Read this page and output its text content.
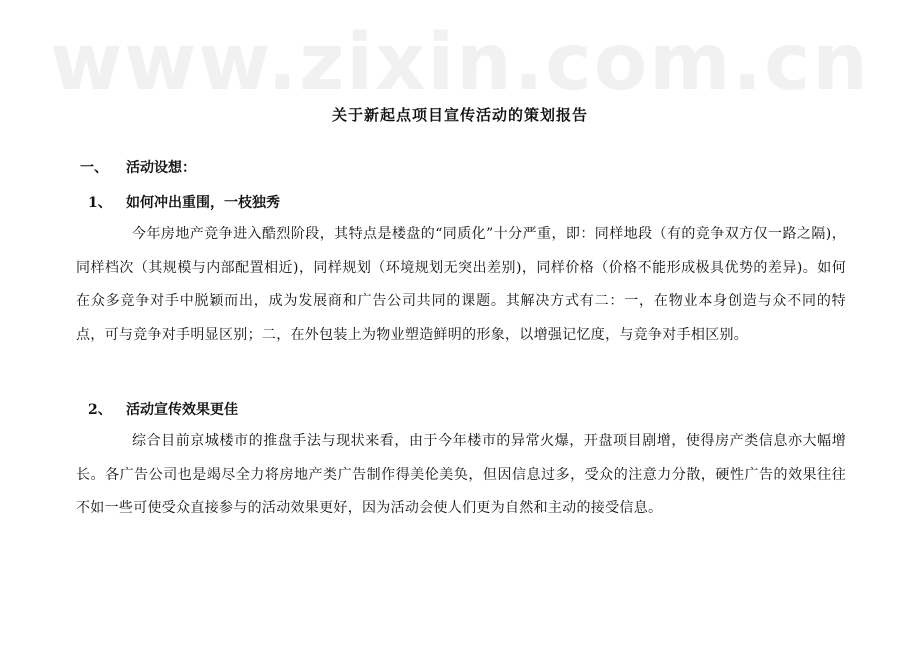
www.zixin.com.cn
关于新起点项目宣传活动的策划报告
一、 活动设想：
1、 如何冲出重围，一枝独秀

今年房地产竞争进入酷烈阶段，其特点是楼盘的“同质化”十分严重，即：同样地段（有的竞争双方仅一路之隔)，同样档次（其规模与内部配置相近)，同样规划（环境规划无突出差别)，同样价格（价格不能形成极具优势的差异)。如何在众多竞争对手中脱颖而出，成为发展商和广告公司共同的课题。其解决方式有二：一，在物业本身创造与众不同的特点，可与竞争对手明显区别；二，在外包装上为物业塑造鲜明的形象，以增强记忆度，与竞争对手相区别。

2、 活动宣传效果更佳

综合目前京城楼市的推盘手法与现状来看，由于今年楼市的异常火爆，开盘项目剧增，使得房产类信息亦大幅增长。各广告公司也是竭尽全力将房地产类广告制作得美伦美奂，但因信息过多，受众的注意力分散，硬性广告的效果往往不如一些可使受众直接参与的活动效果更好，因为活动会使人们更为自然和主动的接受信息。
